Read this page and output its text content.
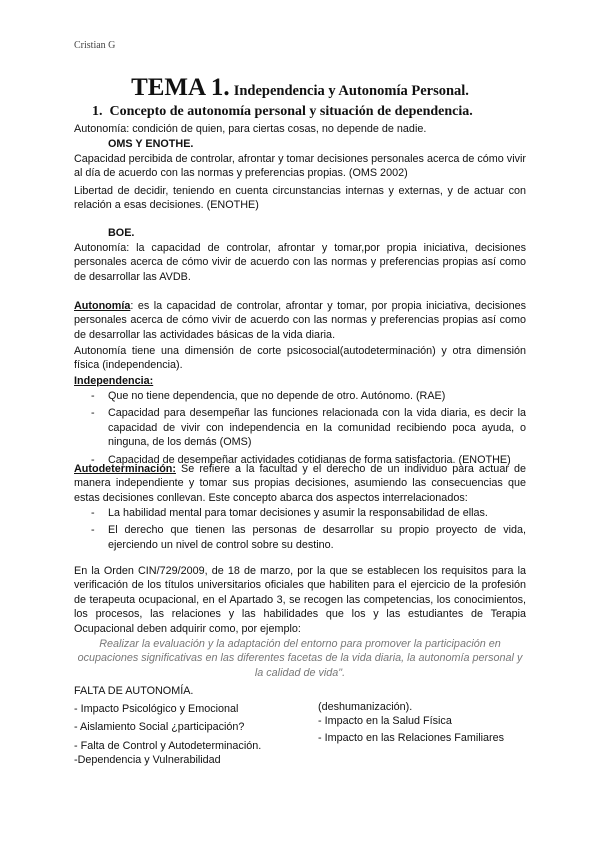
Cristian G
TEMA 1. Independencia y Autonomía Personal.
1.  Concepto de autonomía personal y situación de dependencia.
Autonomía: condición de quien, para ciertas cosas, no depende de nadie.
OMS Y ENOTHE.
Capacidad percibida de controlar, afrontar y tomar decisiones personales acerca de cómo vivir al día de acuerdo con las normas y preferencias propias. (OMS 2002)
Libertad de decidir, teniendo en cuenta circunstancias internas y externas, y de actuar con relación a esas decisiones. (ENOTHE)
BOE.
Autonomía: la capacidad de controlar, afrontar y tomar,por propia iniciativa, decisiones personales acerca de cómo vivir de acuerdo con las normas y preferencias propias así como de desarrollar las AVDB.
Autonomía: es la capacidad de controlar, afrontar y tomar, por propia iniciativa, decisiones personales acerca de cómo vivir de acuerdo con las normas y preferencias propias así como de desarrollar las actividades básicas de la vida diaria.
Autonomía tiene una dimensión de corte psicosocial(autodeterminación) y otra dimensión física (independencia).
Independencia:
- Que no tiene dependencia, que no depende de otro. Autónomo. (RAE)
- Capacidad para desempeñar las funciones relacionada con la vida diaria, es decir la capacidad de vivir con independencia en la comunidad recibiendo poca ayuda, o ninguna, de los demás (OMS)
- Capacidad de desempeñar actividades cotidianas de forma satisfactoria. (ENOTHE)
Autodeterminación: Se refiere a la facultad y el derecho de un individuo para actuar de manera independiente y tomar sus propias decisiones, asumiendo las consecuencias que estas decisiones conllevan. Este concepto abarca dos aspectos interrelacionados:
- La habilidad mental para tomar decisiones y asumir la responsabilidad de ellas.
- El derecho que tienen las personas de desarrollar su propio proyecto de vida, ejerciendo un nivel de control sobre su destino.
En la Orden CIN/729/2009, de 18 de marzo, por la que se establecen los requisitos para la verificación de los títulos universitarios oficiales que habiliten para el ejercicio de la profesión de terapeuta ocupacional, en el Apartado 3, se recogen las competencias, los conocimientos, los procesos, las relaciones y las habilidades que los y las estudiantes de Terapia Ocupacional deben adquirir como, por ejemplo:
Realizar la evaluación y la adaptación del entorno para promover la participación en ocupaciones significativas en las diferentes facetas de la vida diaria, la autonomía personal y la calidad de vida".
FALTA DE AUTONOMÍA.
- Impacto Psicológico y Emocional
- Aislamiento Social ¿participación?
- Falta de Control y Autodeterminación.
-Dependencia y Vulnerabilidad
(deshumanización).
- Impacto en la Salud Física
- Impacto en las Relaciones Familiares
